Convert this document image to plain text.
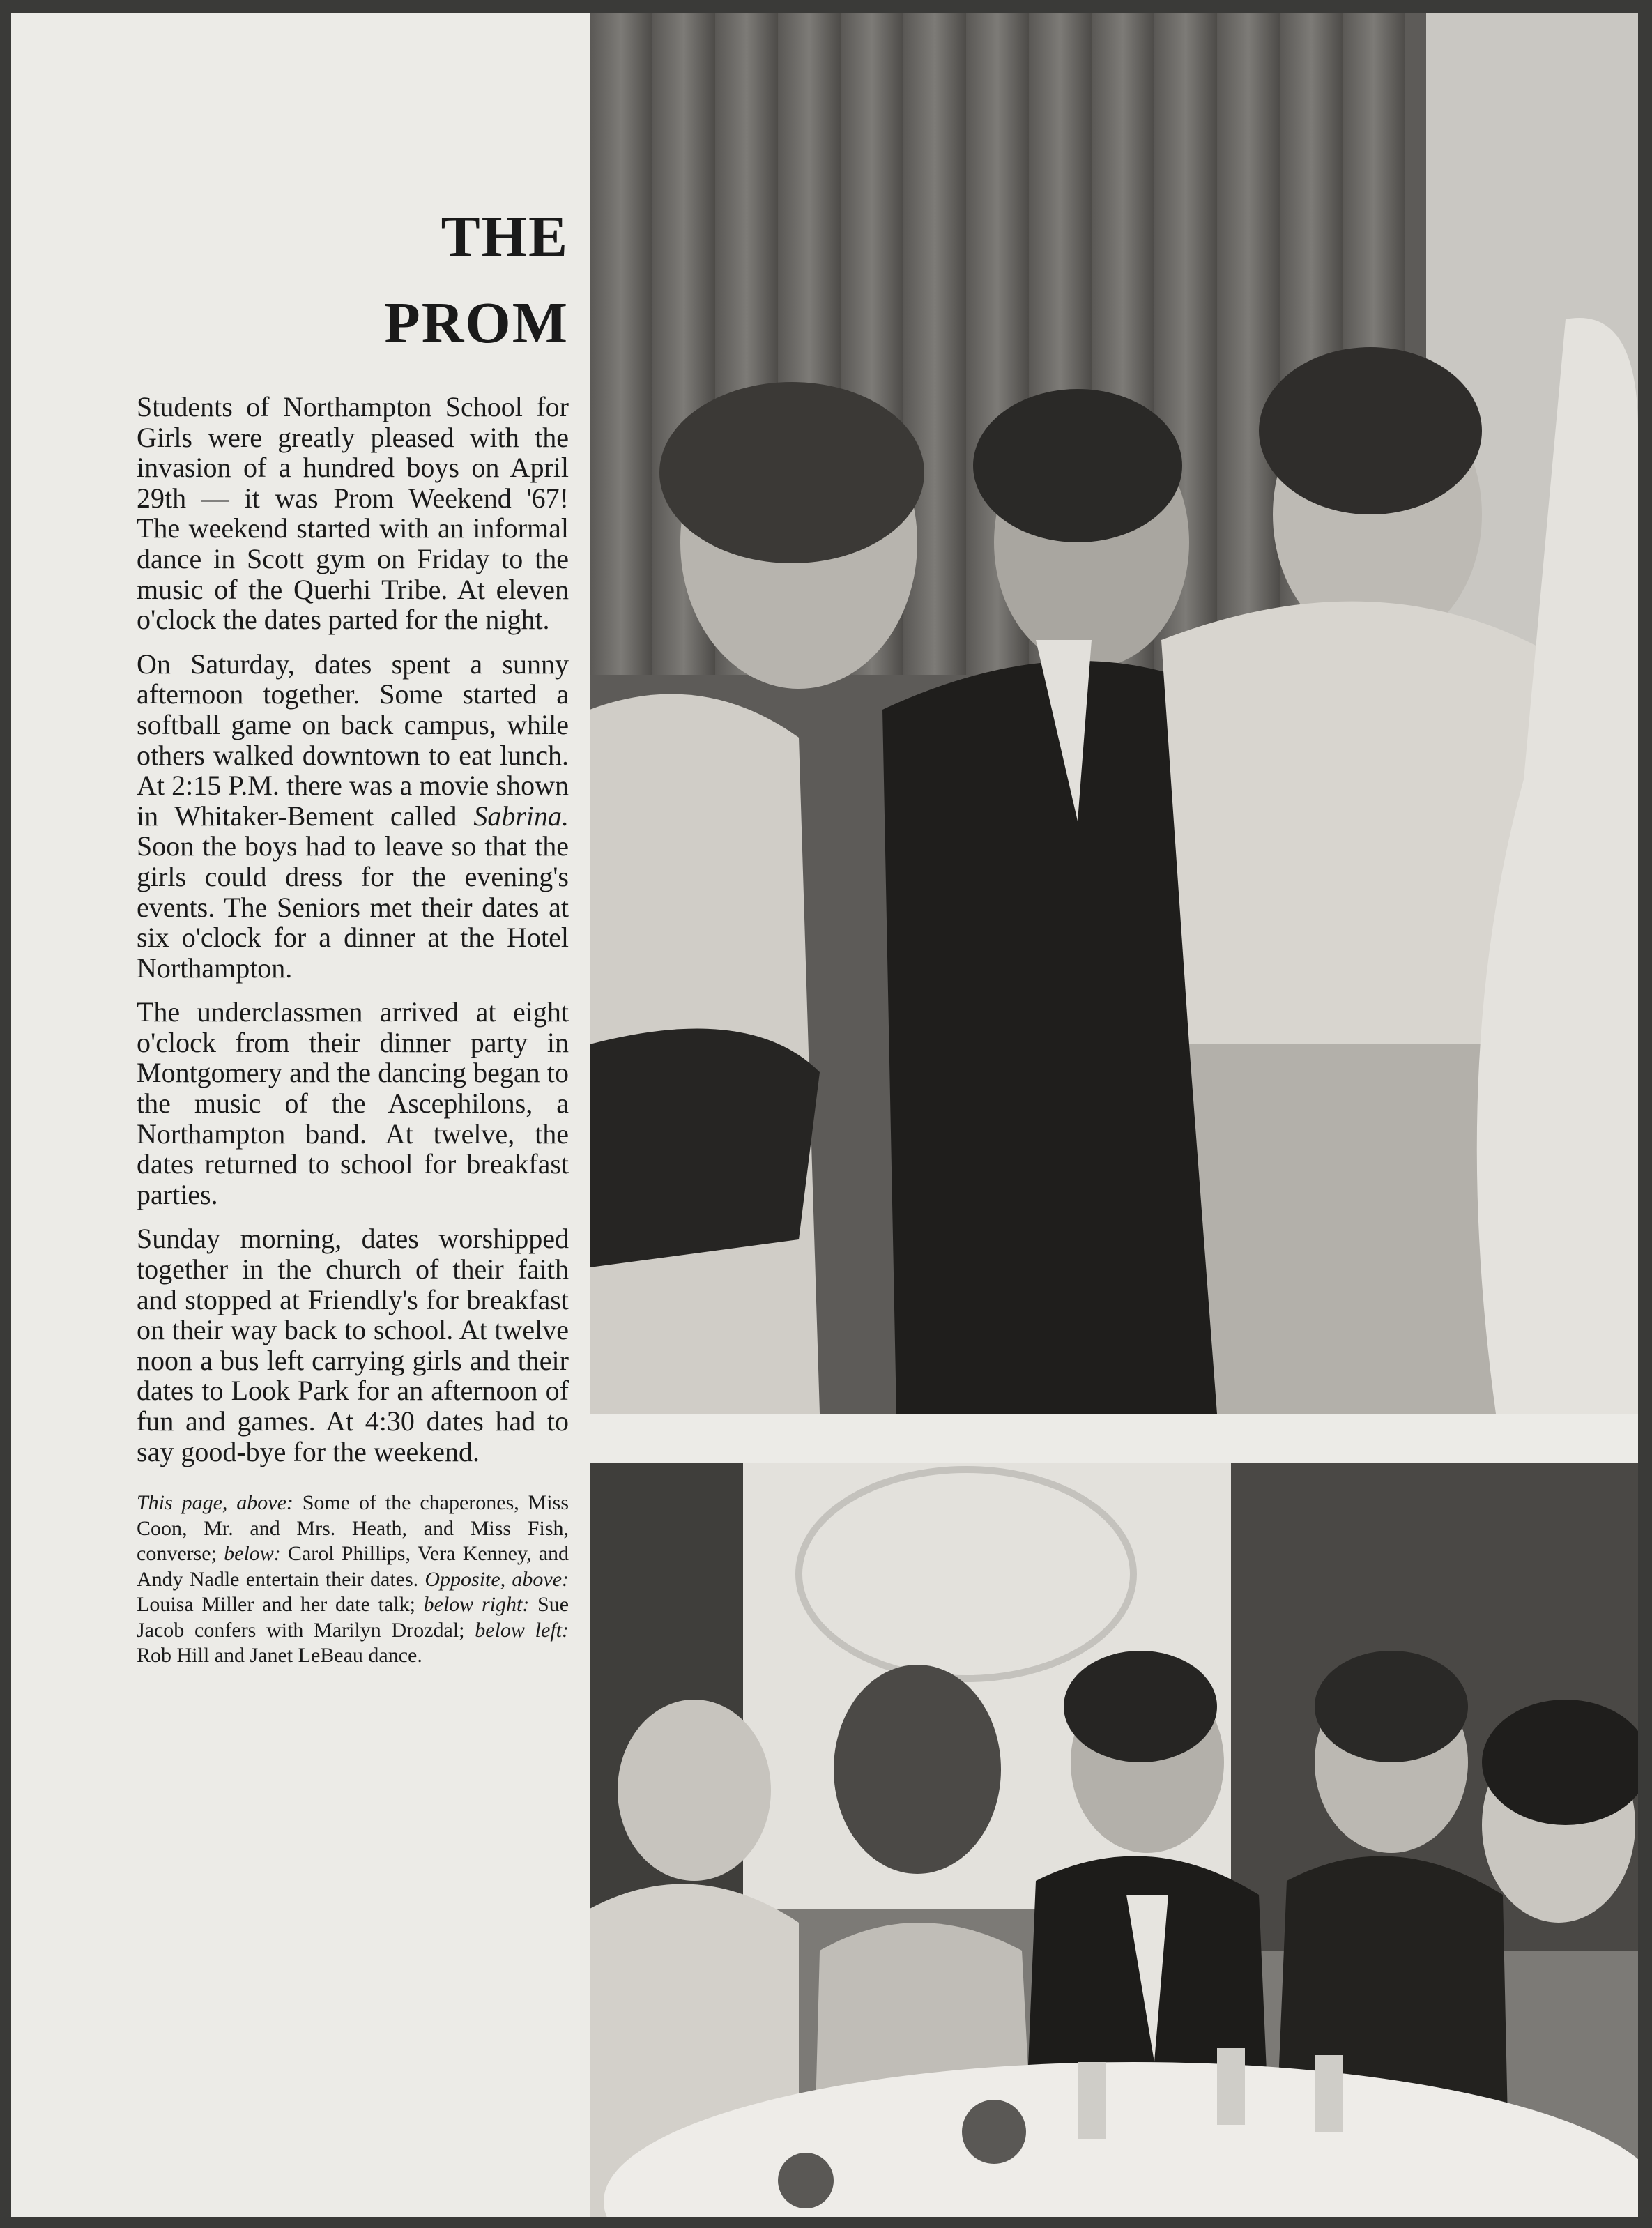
THE
PROM

Students of Northampton School for Girls were greatly pleased with the invasion of a hundred boys on April 29th — it was Prom Weekend '67! The weekend started with an informal dance in Scott gym on Friday to the music of the Querhi Tribe. At eleven o'clock the dates parted for the night.

On Saturday, dates spent a sunny afternoon together. Some started a softball game on back campus, while others walked downtown to eat lunch. At 2:15 P.M. there was a movie shown in Whitaker-Bement called Sabrina. Soon the boys had to leave so that the girls could dress for the evening's events. The Seniors met their dates at six o'clock for a dinner at the Hotel Northampton.

The underclassmen arrived at eight o'clock from their dinner party in Montgomery and the dancing began to the music of the Ascephilons, a Northampton band. At twelve, the dates returned to school for breakfast parties.

Sunday morning, dates worshipped together in the church of their faith and stopped at Friendly's for breakfast on their way back to school. At twelve noon a bus left carrying girls and their dates to Look Park for an afternoon of fun and games. At 4:30 dates had to say good-bye for the weekend.

This page, above: Some of the chaperones, Miss Coon, Mr. and Mrs. Heath, and Miss Fish, converse; below: Carol Phillips, Vera Kenney, and Andy Nadle entertain their dates. Opposite, above: Louisa Miller and her date talk; below right: Sue Jacob confers with Marilyn Drozdal; below left: Rob Hill and Janet LeBeau dance.
